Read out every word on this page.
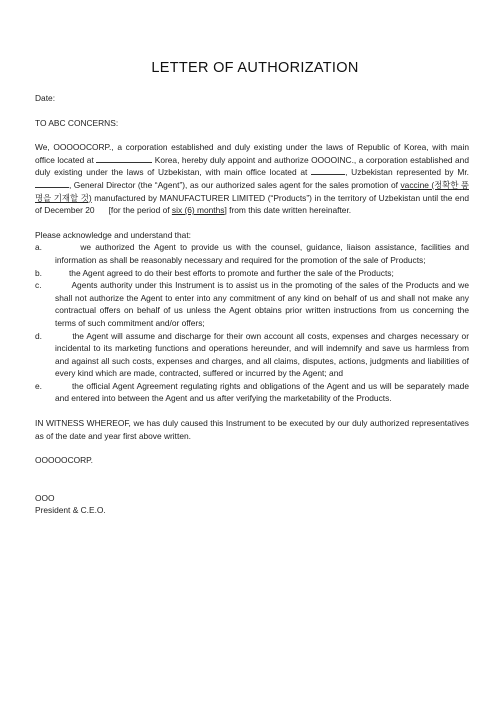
LETTER OF AUTHORIZATION

Date:

TO ABC CONCERNS:

We, OOOOOCORP., a corporation established and duly existing under the laws of Republic of Korea, with main office located at	Korea, hereby duly appoint and authorize OOOOINC., a corporation established and duly existing under the laws of Uzbekistan, with main office located at	, Uzbekistan represented by Mr. , General Director (the “Agent”), as our authorized sales agent for the sales promotion of vaccine (정확한 품명을 기재할 것) manufactured by MANUFACTURER LIMITED (“Products”) in the territory of Uzbekistan until the end of December 20 [for the period of six (6) months] from this date written hereinafter.

Please acknowledge and understand that:

a.	we authorized the Agent to provide us with the counsel, guidance, liaison assistance, facilities and information as shall be reasonably necessary and required for the promotion of the sale of Products;
b.	the Agent agreed to do their best efforts to promote and further the sale of the Products;
c.	Agents authority under this Instrument is to assist us in the promoting of the sales of the Products and we shall not authorize the Agent to enter into any commitment of any kind on behalf of us and shall not make any contractual offers on behalf of us unless the Agent obtains prior written instructions from us concerning the terms of such commitment and/or offers;
d.	the Agent will assume and discharge for their own account all costs, expenses and charges necessary or incidental to its marketing functions and operations hereunder, and will indemnify and save us harmless from and against all such costs, expenses and charges, and all claims, disputes, actions, judgments and liabilities of every kind which are made, contracted, suffered or incurred by the Agent; and
e.	the official Agent Agreement regulating rights and obligations of the Agent and us will be separately made and entered into between the Agent and us after verifying the marketability of the Products.

IN WITNESS WHEREOF, we has duly caused this Instrument to be executed by our duly authorized representatives as of the date and year first above written.

OOOOOCORP.

OOO

President & C.E.O.
